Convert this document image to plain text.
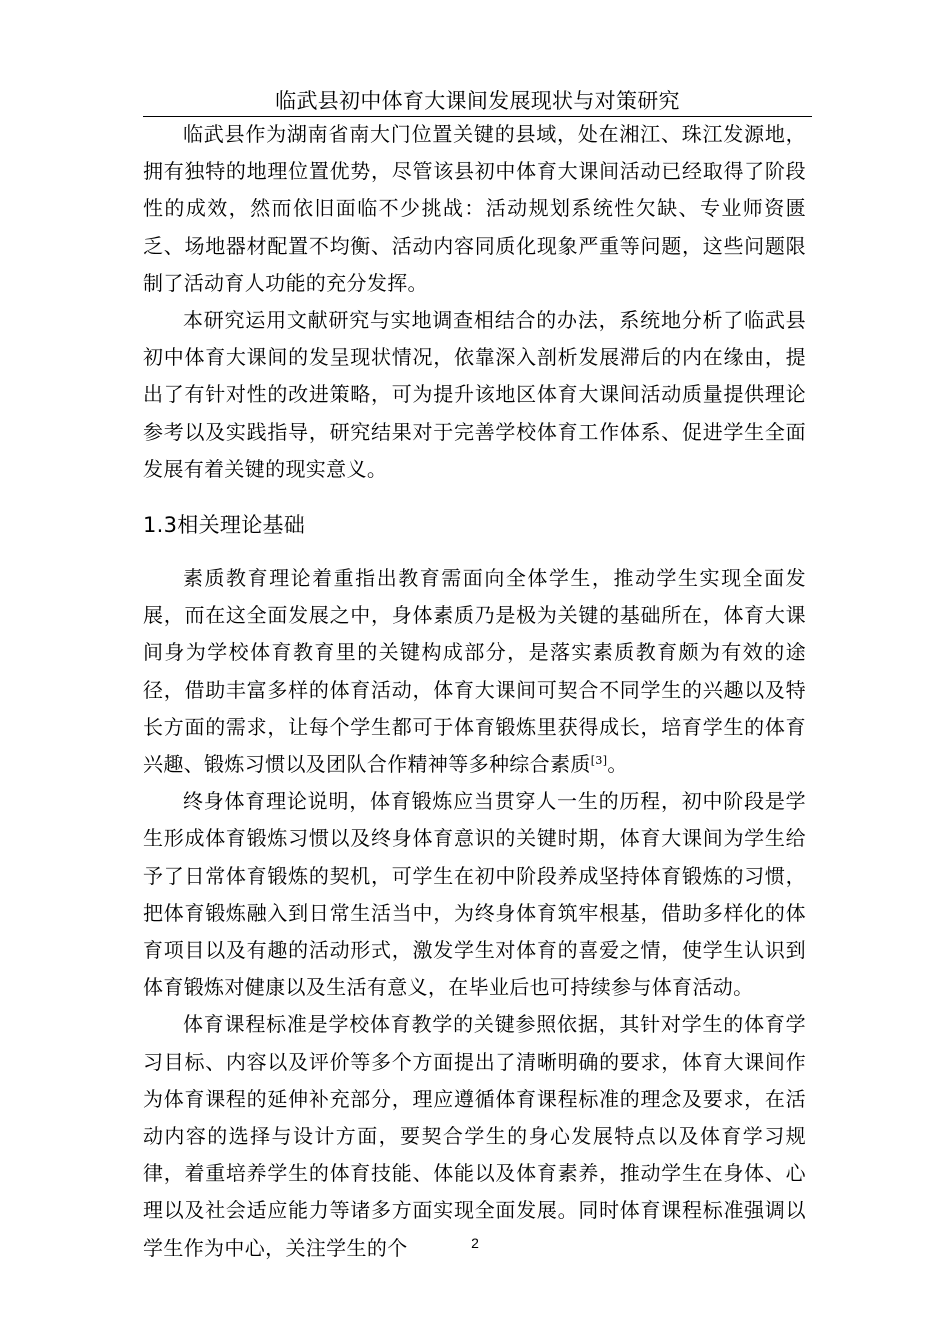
临武县初中体育大课间发展现状与对策研究

临武县作为湖南省南大门位置关键的县域，处在湘江、珠江发源地，拥有独特的地理位置优势，尽管该县初中体育大课间活动已经取得了阶段性的成效，然而依旧面临不少挑战：活动规划系统性欠缺、专业师资匮乏、场地器材配置不均衡、活动内容同质化现象严重等问题，这些问题限制了活动育人功能的充分发挥。

本研究运用文献研究与实地调查相结合的办法，系统地分析了临武县初中体育大课间的发呈现状情况，依靠深入剖析发展滞后的内在缘由，提出了有针对性的改进策略，可为提升该地区体育大课间活动质量提供理论参考以及实践指导，研究结果对于完善学校体育工作体系、促进学生全面发展有着关键的现实意义。

1.3相关理论基础

素质教育理论着重指出教育需面向全体学生，推动学生实现全面发展，而在这全面发展之中，身体素质乃是极为关键的基础所在，体育大课间身为学校体育教育里的关键构成部分，是落实素质教育颇为有效的途径，借助丰富多样的体育活动，体育大课间可契合不同学生的兴趣以及特长方面的需求，让每个学生都可于体育锻炼里获得成长，培育学生的体育兴趣、锻炼习惯以及团队合作精神等多种综合素质[3]。

终身体育理论说明，体育锻炼应当贯穿人一生的历程，初中阶段是学生形成体育锻炼习惯以及终身体育意识的关键时期，体育大课间为学生给予了日常体育锻炼的契机，可学生在初中阶段养成坚持体育锻炼的习惯，把体育锻炼融入到日常生活当中，为终身体育筑牢根基，借助多样化的体育项目以及有趣的活动形式，激发学生对体育的喜爱之情，使学生认识到体育锻炼对健康以及生活有意义，在毕业后也可持续参与体育活动。

体育课程标准是学校体育教学的关键参照依据，其针对学生的体育学习目标、内容以及评价等多个方面提出了清晰明确的要求，体育大课间作为体育课程的延伸补充部分，理应遵循体育课程标准的理念及要求，在活动内容的选择与设计方面，要契合学生的身心发展特点以及体育学习规律，着重培养学生的体育技能、体能以及体育素养，推动学生在身体、心理以及社会适应能力等诸多方面实现全面发展。同时体育课程标准强调以学生作为中心，关注学生的个	2
